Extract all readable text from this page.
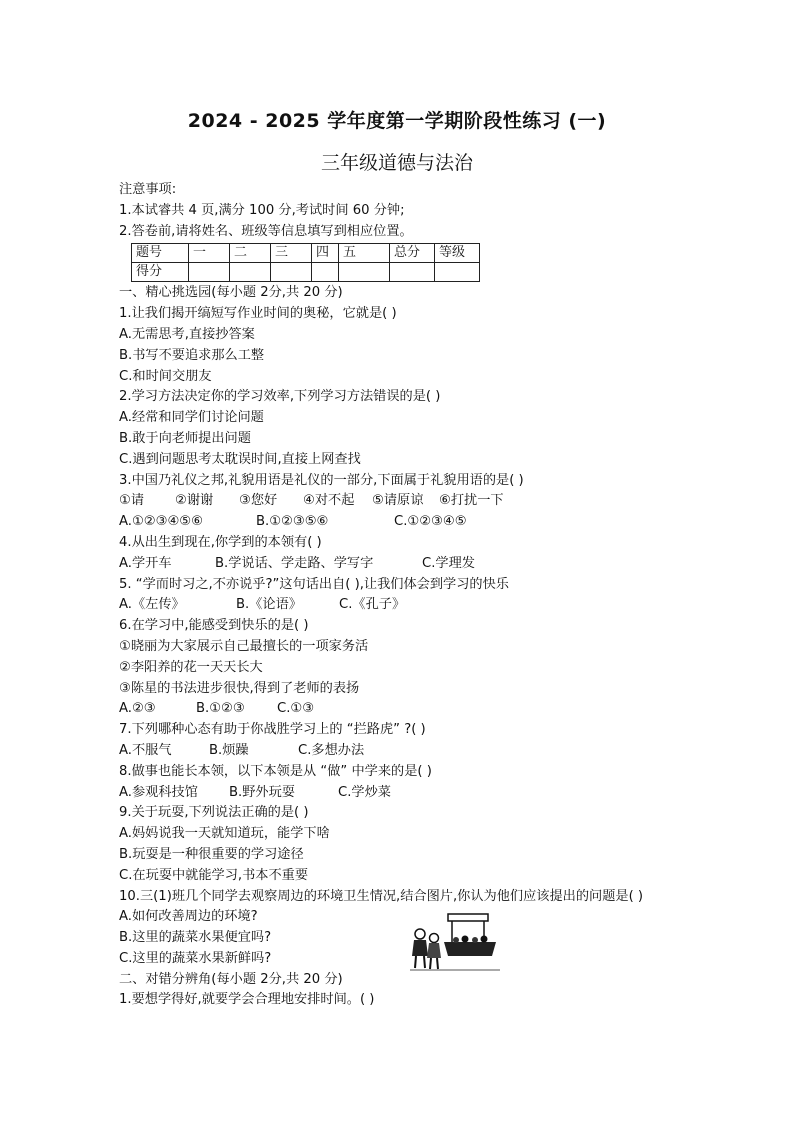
2024 - 2025 学年度第一学期阶段性练习 (一)
三年级道德与法治
注意事项:
1.本试睿共 4 页,满分 100 分,考试时间 60 分钟;
2.答卷前,请将姓名、班级等信息填写到相应位置。
题号	一	二	三	四	五	总分	等级
得分							
一、精心挑选园(每小题 2分,共 20 分)
1.让我们揭开缟短写作业时间的奥秘，它就是( )
A.无需思考,直接抄答案
B.书写不要追求那么工整
C.和时间交朋友
2.学习方法决定你的学习效率,下列学习方法错误的是( )
A.经常和同学们讨论问题
B.敢于向老师提出问题
C.遇到问题思考太耽误时间,直接上网查找
3.中国乃礼仪之邦,礼貌用语是礼仪的一部分,下面属于礼貌用语的是( )
①请	②谢谢	③您好	④对不起	⑤请原谅	⑥打扰一下
A.①②③④⑤⑥	B.①②③⑤⑥	C.①②③④⑤
4.从出生到现在,你学到的本领有( )
A.学开车	B.学说话、学走路、学写字	C.学理发
5. “学而时习之,不亦说乎?”这句话出自( ),让我们体会到学习的快乐
A.《左传》	B.《论语》	C.《孔子》
6.在学习中,能感受到快乐的是( )
①晓丽为大家展示自己最擅长的一项家务活
②李阳养的花一天天长大
③陈星的书法进步很快,得到了老师的表扬
A.②③	B.①②③	C.①③
7.下列哪种心态有助于你战胜学习上的 “拦路虎” ?( )
A.不服气	B.烦躁	C.多想办法
8.做事也能长本领，以下本领是从 “做” 中学来的是( )
A.参观科技馆	B.野外玩耍	C.学炒菜
9.关于玩耍,下列说法正确的是( )
A.妈妈说我一天就知道玩，能学下啥
B.玩耍是一种很重要的学习途径
C.在玩耍中就能学习,书本不重要
10.三(1)班几个同学去观察周边的环境卫生情况,结合图片,你认为他们应该提出的问题是( )
A.如何改善周边的环境?
B.这里的蔬菜水果便宜吗?
C.这里的蔬菜水果新鲜吗?
二、对错分辨角(每小题 2分,共 20 分)
1.要想学得好,就要学会合理地安排时间。( )
